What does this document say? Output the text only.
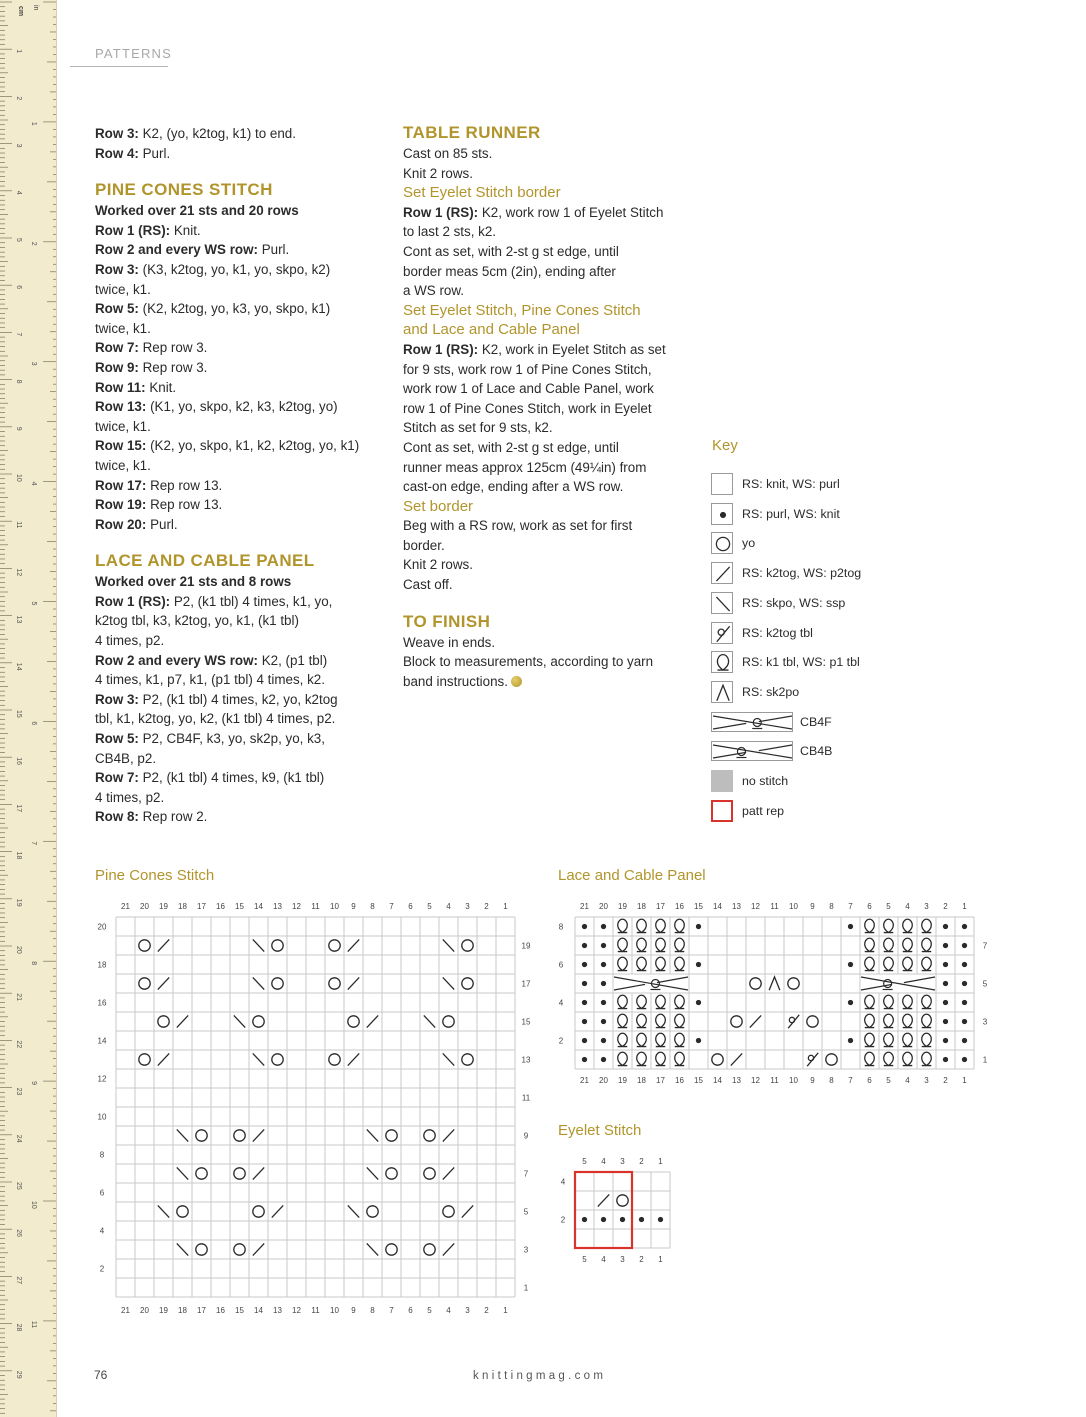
1
2
3
4
5
6
7
8
9
10
11
12
13
14
15
16
17
18
19
20
21
22
23
24
25
26
27
28
29
1
2
3
4
5
6
7
8
9
10
11
cm in
PATTERNS

Row 3: K2, (yo, k2tog, k1) to end.

Row 4: Purl.

PINE CONES STITCH

Worked over 21 sts and 20 rows

Row 1 (RS): Knit.

Row 2 and every WS row: Purl.

Row 3: (K3, k2tog, yo, k1, yo, skpo, k2)

twice, k1.

Row 5: (K2, k2tog, yo, k3, yo, skpo, k1)

twice, k1.

Row 7: Rep row 3.

Row 9: Rep row 3.

Row 11: Knit.

Row 13: (K1, yo, skpo, k2, k3, k2tog, yo)

twice, k1.

Row 15: (K2, yo, skpo, k1, k2, k2tog, yo, k1)

twice, k1.

Row 17: Rep row 13.

Row 19: Rep row 13.

Row 20: Purl.

LACE AND CABLE PANEL

Worked over 21 sts and 8 rows

Row 1 (RS): P2, (k1 tbl) 4 times, k1, yo,

k2tog tbl, k3, k2tog, yo, k1, (k1 tbl)

4 times, p2.

Row 2 and every WS row: K2, (p1 tbl)

4 times, k1, p7, k1, (p1 tbl) 4 times, k2.

Row 3: P2, (k1 tbl) 4 times, k2, yo, k2tog

tbl, k1, k2tog, yo, k2, (k1 tbl) 4 times, p2.

Row 5: P2, CB4F, k3, yo, sk2p, yo, k3,

CB4B, p2.

Row 7: P2, (k1 tbl) 4 times, k9, (k1 tbl)

4 times, p2.

Row 8: Rep row 2.

TABLE RUNNER

Cast on 85 sts.

Knit 2 rows.

Set Eyelet Stitch border

Row 1 (RS): K2, work row 1 of Eyelet Stitch

to last 2 sts, k2.

Cont as set, with 2-st g st edge, until

border meas 5cm (2in), ending after

a WS row.

Set Eyelet Stitch, Pine Cones Stitch
and Lace and Cable Panel

Row 1 (RS): K2, work in Eyelet Stitch as set

for 9 sts, work row 1 of Pine Cones Stitch,

work row 1 of Lace and Cable Panel, work

row 1 of Pine Cones Stitch, work in Eyelet

Stitch as set for 9 sts, k2.

Cont as set, with 2-st g st edge, until

runner meas approx 125cm (49¼in) from

cast-on edge, ending after a WS row.

Set border

Beg with a RS row, work as set for first

border.

Knit 2 rows.

Cast off.

TO FINISH

Weave in ends.

Block to measurements, according to yarn

band instructions.

Key
RS: knit, WS: purl
RS: purl, WS: knit
yo
RS: k2tog, WS: p2tog
RS: skpo, WS: ssp
RS: k2tog tbl
RS: k1 tbl, WS: p1 tbl
RS: sk2po
CB4F
CB4B
no stitch
patt rep
Pine Cones Stitch	Lace and Cable Panel
Eyelet Stitch
21
21
20
20
19
19
18
18
17
17
16
16
15
15
14
14
13
13
12
12
11
11
10
10
9
9
8
8
7
7
6
6
5
5
4
4
3
3
2
2
1
1
1
3
5
7
9
11
13
15
17
19
2
4
6
8
10
12
14
16
18
20
21
21
20
20
19
19
18
18
17
17
16
16
15
15
14
14
13
13
12
12
11
11
10
10
9
9
8
8
7
7
6
6
5
5
4
4
3
3
2
2
1
1
1
3
5
7
2
4
6
8
5
5
4
4
3
3
2
2
1
1
2
4
76	knittingmag.com
